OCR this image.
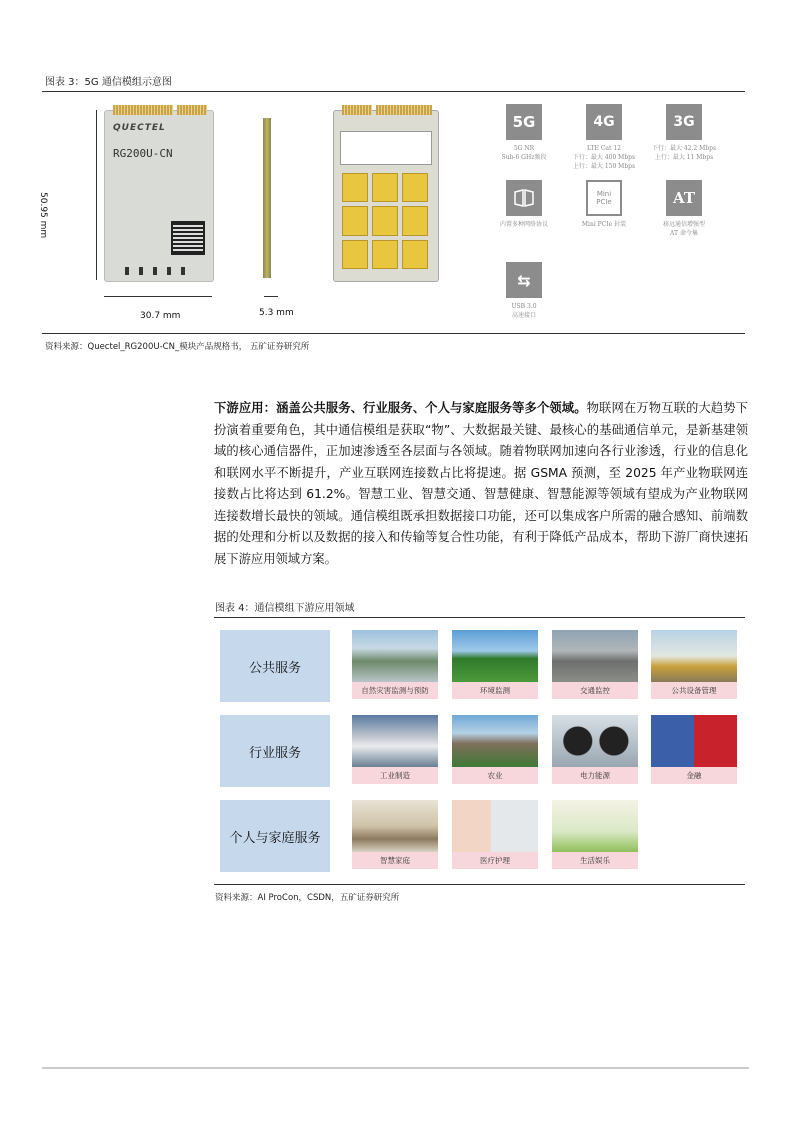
图表 3：5G 通信模组示意图
50.95 mm
QUECTEL
RG200U-CN
30.7 mm	5.3 mm
5G
5G NR
Sub-6 GHz频段
4G
LTE Cat 12
下行：最大 400 Mbps
上行：最大 150 Mbps
3G
下行：最大 42.2 Mbps
上行：最大 11 Mbps
内置多种网络协议
Mini PCIe
Mini PCIe 封装
AT
移远通信增强型
AT 命令集
⇆
USB 3.0
高速接口
资料来源：Quectel_RG200U-CN_模块产品规格书， 五矿证券研究所
下游应用：涵盖公共服务、行业服务、个人与家庭服务等多个领域。物联网在万物互联的大趋势下扮演着重要角色，其中通信模组是获取“物”、大数据最关键、最核心的基础通信单元，是新基建领域的核心通信器件，正加速渗透至各层面与各领域。随着物联网加速向各行业渗透，行业的信息化和联网水平不断提升，产业互联网连接数占比将提速。据 GSMA 预测，至 2025 年产业物联网连接数占比将达到 61.2%。智慧工业、智慧交通、智慧健康、智慧能源等领域有望成为产业物联网连接数增长最快的领域。通信模组既承担数据接口功能，还可以集成客户所需的融合感知、前端数据的处理和分析以及数据的接入和传输等复合性功能，有利于降低产品成本，帮助下游厂商快速拓展下游应用领域方案。
图表 4：通信模组下游应用领域
公共服务
自然灾害监测与预防	环境监测	交通监控	公共设备管理
行业服务
工业制造	农业	电力能源	金融
个人与家庭服务
智慧家庭	医疗护理	生活娱乐
资料来源：AI ProCon，CSDN，五矿证券研究所
